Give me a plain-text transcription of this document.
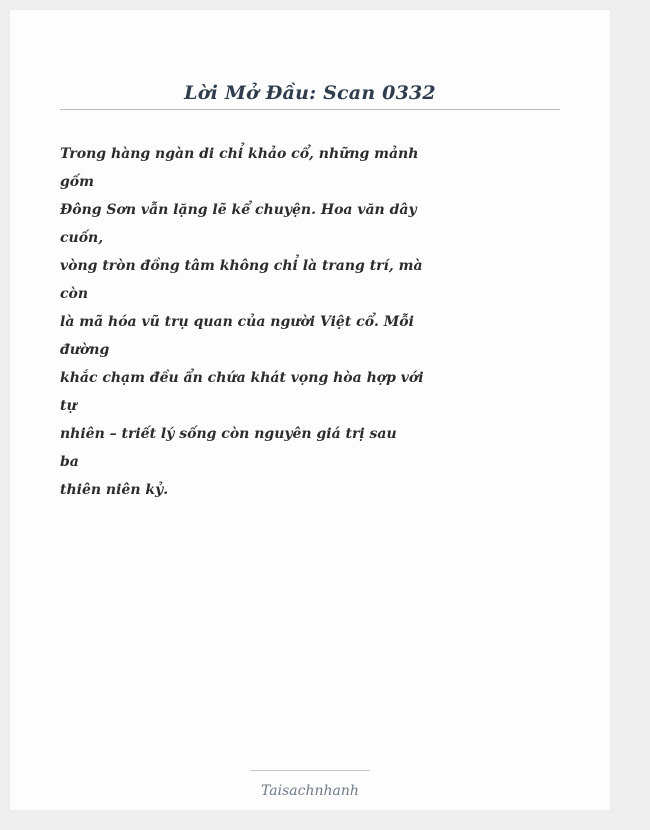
Lời Mở Đầu: Scan 0332
Trong hàng ngàn di chỉ khảo cổ, những mảnh
gốm
Đông Sơn vẫn lặng lẽ kể chuyện. Hoa văn dây
cuốn,
vòng tròn đồng tâm không chỉ là trang trí, mà
còn
là mã hóa vũ trụ quan của người Việt cổ. Mỗi
đường
khắc chạm đều ẩn chứa khát vọng hòa hợp với
tự
nhiên – triết lý sống còn nguyên giá trị sau
ba
thiên niên kỷ.
Taisachnhanh
